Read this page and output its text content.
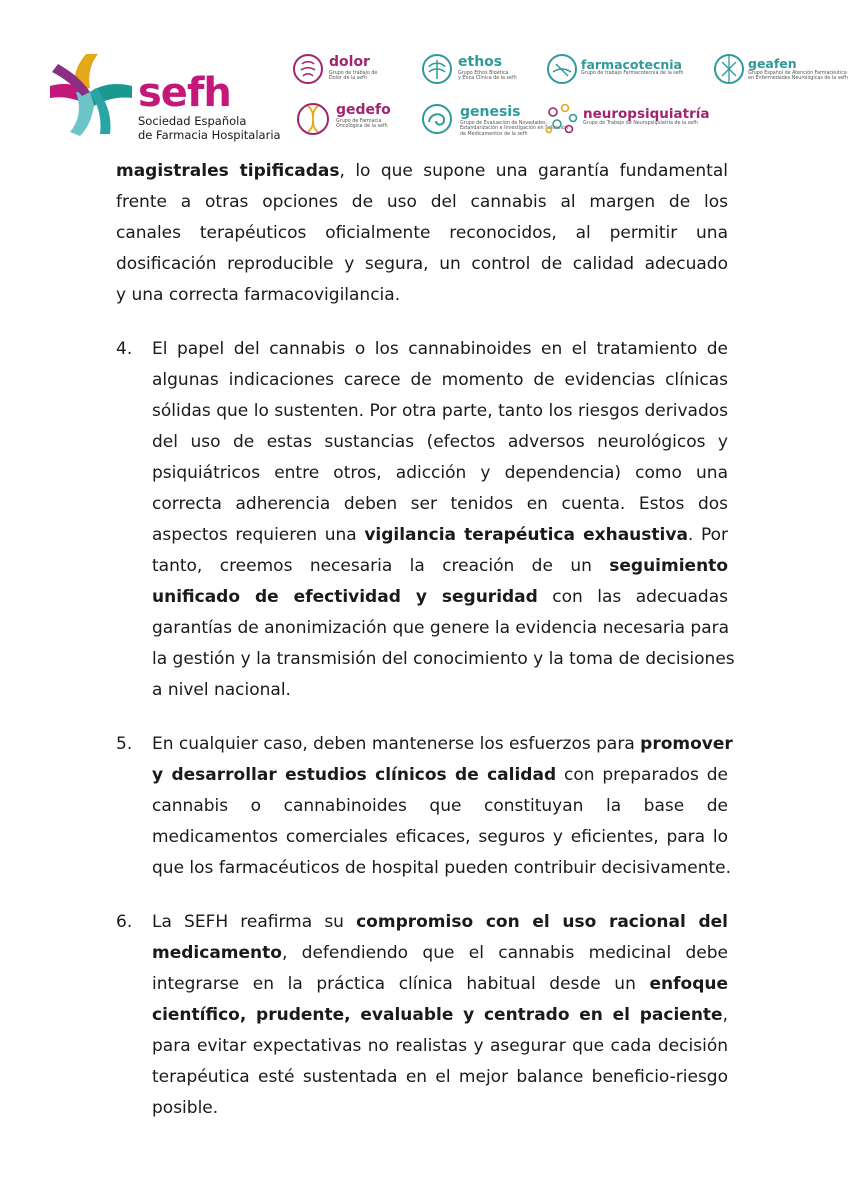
sefh
Sociedad Española
de Farmacia Hospitalaria
dolor
Grupo de trabajo de
Dolor de la sefh
ethos
Grupo Ethos Bioética
y Ética Clínica de la sefh
farmacotecnia
Grupo de trabajo Farmacotecnia de la sefh
geafen
Grupo Español de Atención Farmacéutica
en Enfermedades Neurológicas de la sefh
gedefo
Grupo de Farmacia
Oncológica de la sefh
genesis
Grupo de Evaluación de Novedades,
Estandarización e Investigación en Selección
de Medicamentos de la sefh
neuropsiquiatría
Grupo de Trabajo de Neuropsiquiatría de la sefh
magistrales tipificadas, lo que supone una garantía fundamental
frente a otras opciones de uso del cannabis al margen de los
canales terapéuticos oficialmente reconocidos, al permitir una
dosificación reproducible y segura, un control de calidad adecuado
y una correcta farmacovigilancia.
4. El papel del cannabis o los cannabinoides en el tratamiento de
algunas indicaciones carece de momento de evidencias clínicas
sólidas que lo sustenten. Por otra parte, tanto los riesgos derivados
del uso de estas sustancias (efectos adversos neurológicos y
psiquiátricos entre otros, adicción y dependencia) como una
correcta adherencia deben ser tenidos en cuenta. Estos dos
aspectos requieren una vigilancia terapéutica exhaustiva. Por
tanto, creemos necesaria la creación de un seguimiento
unificado de efectividad y seguridad con las adecuadas
garantías de anonimización que genere la evidencia necesaria para
la gestión y la transmisión del conocimiento y la toma de decisiones
a nivel nacional.
5. En cualquier caso, deben mantenerse los esfuerzos para promover
y desarrollar estudios clínicos de calidad con preparados de
cannabis o cannabinoides que constituyan la base de
medicamentos comerciales eficaces, seguros y eficientes, para lo
que los farmacéuticos de hospital pueden contribuir decisivamente.
6. La SEFH reafirma su compromiso con el uso racional del
medicamento, defendiendo que el cannabis medicinal debe
integrarse en la práctica clínica habitual desde un enfoque
científico, prudente, evaluable y centrado en el paciente,
para evitar expectativas no realistas y asegurar que cada decisión
terapéutica esté sustentada en el mejor balance beneficio-riesgo
posible.
